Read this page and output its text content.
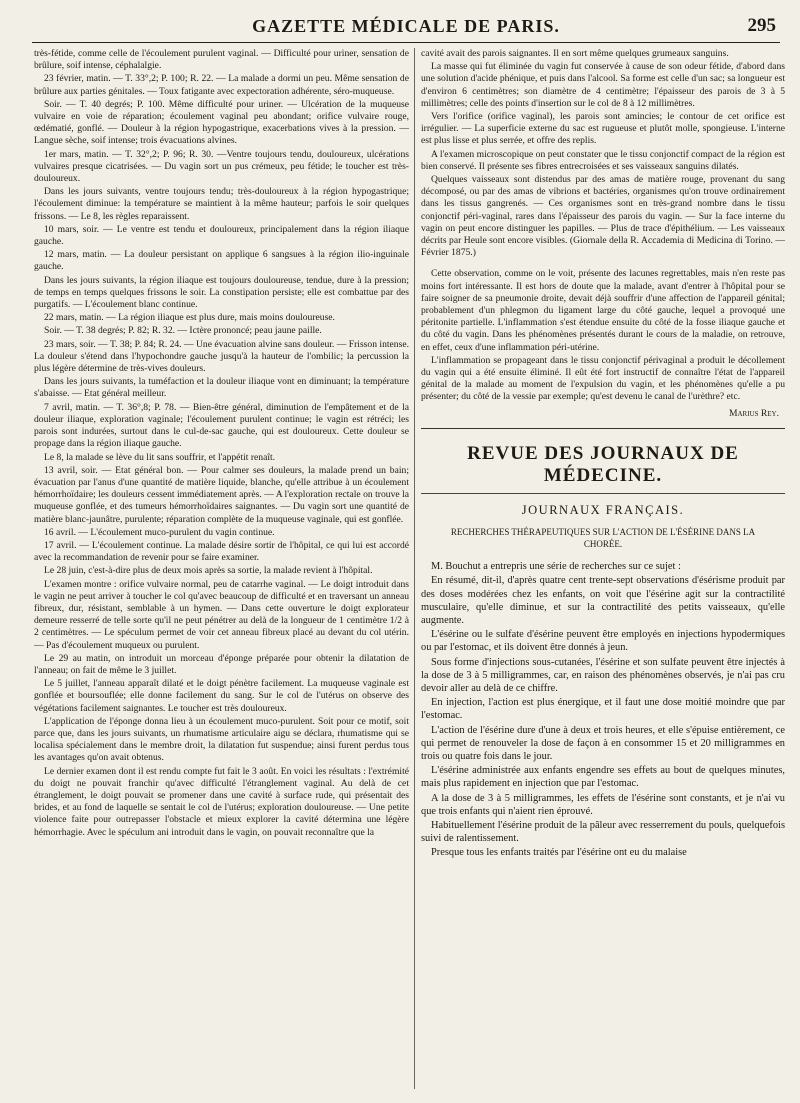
GAZETTE MÉDICALE DE PARIS.	295

très-fétide, comme celle de l'écoulement purulent vaginal. — Difficulté pour uriner, sensation de brûlure, soif intense, céphalalgie.

23 février, matin. — T. 33°,2; P. 100; R. 22. — La malade a dormi un peu. Même sensation de brûlure aux parties génitales. — Toux fatigante avec expectoration adhérente, séro-muqueuse.

Soir. — T. 40 degrés; P. 100. Même difficulté pour uriner. — Ulcération de la muqueuse vulvaire en voie de réparation; écoulement vaginal peu abondant; orifice vulvaire rouge, œdématié, gonflé. — Douleur à la région hypogastrique, exacerbations vives à la pression. — Langue sèche, soif intense; trois évacuations alvines.

1er mars, matin. — T. 32°,2; P. 96; R. 30. —Ventre toujours tendu, douloureux, ulcérations vulvaires presque cicatrisées. — Du vagin sort un pus crémeux, peu fétide; le toucher est très-douloureux.

Dans les jours suivants, ventre toujours tendu; très-douloureux à la région hypogastrique; l'écoulement diminue: la température se maintient à la même hauteur; parfois le soir quelques frissons. — Le 8, les règles reparaissent.

10 mars, soir. — Le ventre est tendu et douloureux, principalement dans la région iliaque gauche.

12 mars, matin. — La douleur persistant on applique 6 sangsues à la région ilio-inguinale gauche.

Dans les jours suivants, la région iliaque est toujours douloureuse, tendue, dure à la pression; de temps en temps quelques frissons le soir. La constipation persiste; elle est combattue par des purgatifs. — L'écoulement blanc continue.

22 mars, matin. — La région iliaque est plus dure, mais moins douloureuse.

Soir. — T. 38 degrés; P. 82; R. 32. — Ictère prononcé; peau jaune paille.

23 mars, soir. — T. 38; P. 84; R. 24. — Une évacuation alvine sans douleur. — Frisson intense. La douleur s'étend dans l'hypochondre gauche jusqu'à la hauteur de l'ombilic; la percussion la plus légère détermine de très-vives douleurs.

Dans les jours suivants, la tuméfaction et la douleur iliaque vont en diminuant; la température s'abaisse. — Etat général meilleur.

7 avril, matin. — T. 36°,8; P. 78. — Bien-être général, diminution de l'empâtement et de la douleur iliaque, exploration vaginale; l'écoulement purulent continue; le vagin est rétréci; les parois sont indurées, surtout dans le cul-de-sac gauche, qui est douloureux. Cette douleur se propage dans la région iliaque gauche.

Le 8, la malade se lève du lit sans souffrir, et l'appétit renaît.

13 avril, soir. — Etat général bon. — Pour calmer ses douleurs, la malade prend un bain; évacuation par l'anus d'une quantité de matière liquide, blanche, qu'elle attribue à un écoulement hémorrhoïdaire; les douleurs cessent immédiatement après. — A l'exploration rectale on trouve la muqueuse gonflée, et des tumeurs hémorrhoïdaires saignantes. — Du vagin sort une quantité de matière blanc-jaunâtre, purulente; réparation complète de la muqueuse vaginale, qui est gonflée.

16 avril. — L'écoulement muco-purulent du vagin continue.

17 avril. — L'écoulement continue. La malade désire sortir de l'hôpital, ce qui lui est accordé avec la recommandation de revenir pour se faire examiner.

Le 28 juin, c'est-à-dire plus de deux mois après sa sortie, la malade revient à l'hôpital.

L'examen montre : orifice vulvaire normal, peu de catarrhe vaginal. — Le doigt introduit dans le vagin ne peut arriver à toucher le col qu'avec beaucoup de difficulté et en traversant un anneau fibreux, dur, résistant, semblable à un hymen. — Dans cette ouverture le doigt explorateur demeure resserré de telle sorte qu'il ne peut pénétrer au delà de la longueur de 1 centimètre 1/2 à 2 centimètres. — Le spéculum permet de voir cet anneau fibreux placé au devant du col utérin. — Pas d'écoulement muqueux ou purulent.

Le 29 au matin, on introduit un morceau d'éponge préparée pour obtenir la dilatation de l'anneau; on fait de même le 3 juillet.

Le 5 juillet, l'anneau apparaît dilaté et le doigt pénètre facilement. La muqueuse vaginale est gonflée et boursouflée; elle donne facilement du sang. Sur le col de l'utérus on observe des végétations facilement saignantes. Le toucher est très douloureux.

L'application de l'éponge donna lieu à un écoulement muco-purulent. Soit pour ce motif, soit parce que, dans les jours suivants, un rhumatisme articulaire aigu se déclara, rhumatisme qui se localisa spécialement dans le membre droit, la dilatation fut suspendue; ainsi furent perdus tous les avantages qu'on avait obtenus.

Le dernier examen dont il est rendu compte fut fait le 3 août. En voici les résultats : l'extrémité du doigt ne pouvait franchir qu'avec difficulté l'étranglement vaginal. Au delà de cet étranglement, le doigt pouvait se promener dans une cavité à surface rude, qui présentait des brides, et au fond de laquelle se sentait le col de l'utérus; exploration douloureuse. — Une petite violence faite pour outrepasser l'obstacle et mieux explorer la cavité détermina une légère hémorrhagie. Avec le spéculum ani introduit dans le vagin, on pouvait reconnaître que la

cavité avait des parois saignantes. Il en sort même quelques grumeaux sanguins.

La masse qui fut éliminée du vagin fut conservée à cause de son odeur fétide, d'abord dans une solution d'acide phénique, et puis dans l'alcool. Sa forme est celle d'un sac; sa longueur est d'environ 6 centimètres; son diamètre de 4 centimètre; l'épaisseur des parois de 3 à 5 millimètres; celle des points d'insertion sur le col de 8 à 12 millimètres.

Vers l'orifice (orifice vaginal), les parois sont amincies; le contour de cet orifice est irrégulier. — La superficie externe du sac est rugueuse et plutôt molle, spongieuse. L'interne est plus lisse et plus serrée, et offre des replis.

A l'examen microscopique on peut constater que le tissu conjonctif compact de la région est bien conservé. Il présente ses fibres entrecroisées et ses vaisseaux sanguins dilatés.

Quelques vaisseaux sont distendus par des amas de matière rouge, provenant du sang décomposé, ou par des amas de vibrions et bactéries, organismes qu'on trouve ordinairement dans les tissus gangrenés. — Ces organismes sont en très-grand nombre dans le tissu conjonctif péri-vaginal, rares dans l'épaisseur des parois du vagin. — Sur la face interne du vagin on peut encore distinguer les papilles. — Plus de trace d'épithélium. — Les vaisseaux décrits par Heule sont encore visibles. (Giornale della R. Accademia di Medicina di Torino. — Février 1875.)

Cette observation, comme on le voit, présente des lacunes regrettables, mais n'en reste pas moins fort intéressante. Il est hors de doute que la malade, avant d'entrer à l'hôpital pour se faire soigner de sa pneumonie droite, devait déjà souffrir d'une affection de l'appareil génital; probablement d'un phlegmon du ligament large du côté gauche, lequel a provoqué une péritonite partielle. L'inflammation s'est étendue ensuite du côté de la fosse iliaque gauche et du côté du vagin. Dans les phénomènes présentés durant le cours de la maladie, on retrouve, en effet, ceux d'une inflammation péri-utérine.

L'inflammation se propageant dans le tissu conjonctif périvaginal a produit le décollement du vagin qui a été ensuite éliminé. Il eût été fort instructif de connaître l'état de l'appareil génital de la malade au moment de l'expulsion du vagin, et les phénomènes qu'elle a pu présenter; du côté de la vessie par exemple; qu'est devenu le canal de l'urèthre? etc.

Marius Rey.

REVUE DES JOURNAUX DE MÉDECINE.
JOURNAUX FRANÇAIS.
RECHERCHES THÉRAPEUTIQUES SUR L'ACTION DE L'ÉSÉRINE DANS LA CHORÉE.

M. Bouchut a entrepris une série de recherches sur ce sujet :

En résumé, dit-il, d'après quatre cent trente-sept observations d'ésérisme produit par des doses modérées chez les enfants, on voit que l'ésérine agit sur la contractilité musculaire, qu'elle diminue, et sur la contractilité des petits vaisseaux, qu'elle augmente.

L'ésérine ou le sulfate d'ésérine peuvent être employés en injections hypodermiques ou par l'estomac, et ils doivent être donnés à jeun.

Sous forme d'injections sous-cutanées, l'ésérine et son sulfate peuvent être injectés à la dose de 3 à 5 milligrammes, car, en raison des phénomènes observés, je n'ai pas cru devoir aller au delà de ce chiffre.

En injection, l'action est plus énergique, et il faut une dose moitié moindre que par l'estomac.

L'action de l'ésérine dure d'une à deux et trois heures, et elle s'épuise entièrement, ce qui permet de renouveler la dose de façon à en consommer 15 et 20 milligrammes en trois ou quatre fois dans le jour.

L'ésérine administrée aux enfants engendre ses effets au bout de quelques minutes, mais plus rapidement en injection que par l'estomac.

A la dose de 3 à 5 milligrammes, les effets de l'ésérine sont constants, et je n'ai vu que trois enfants qui n'aient rien éprouvé.

Habituellement l'ésérine produit de la pâleur avec resserrement du pouls, quelquefois suivi de ralentissement.

Presque tous les enfants traités par l'ésérine ont eu du malaise
